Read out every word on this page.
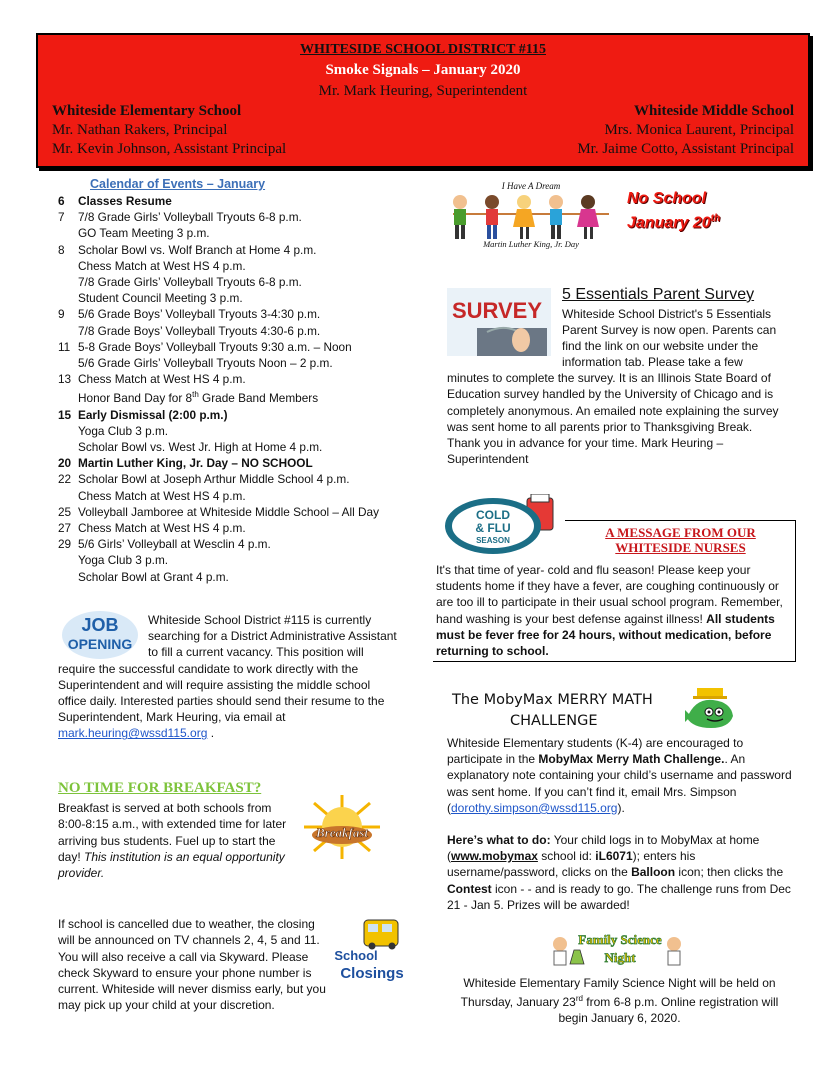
WHITESIDE SCHOOL DISTRICT #115
Smoke Signals – January 2020
Mr. Mark Heuring, Superintendent
Whiteside Elementary School
Mr. Nathan Rakers, Principal
Mr. Kevin Johnson, Assistant Principal
Whiteside Middle School
Mrs. Monica Laurent, Principal
Mr. Jaime Cotto, Assistant Principal
Calendar of Events – January
6	Classes Resume
7	7/8 Grade Girls’ Volleyball Tryouts 6-8 p.m.
GO Team Meeting 3 p.m.
8	Scholar Bowl vs. Wolf Branch at Home 4 p.m.
Chess Match at West HS 4 p.m.
7/8 Grade Girls’ Volleyball Tryouts 6-8 p.m.
Student Council Meeting 3 p.m.
9	5/6 Grade Boys’ Volleyball Tryouts 3-4:30 p.m.
7/8 Grade Boys’ Volleyball Tryouts 4:30-6 p.m.
11 5-8 Grade Boys’ Volleyball Tryouts 9:30 a.m. – Noon
5/6 Grade Girls’ Volleyball Tryouts Noon – 2 p.m.
13 Chess Match at West HS 4 p.m.
Honor Band Day for 8th Grade Band Members
15 Early Dismissal (2:00 p.m.)
Yoga Club 3 p.m.
Scholar Bowl vs. West Jr. High at Home 4 p.m.
20 Martin Luther King, Jr. Day – NO SCHOOL
22 Scholar Bowl at Joseph Arthur Middle School 4 p.m.
Chess Match at West HS 4 p.m.
25 Volleyball Jamboree at Whiteside Middle School – All Day
27 Chess Match at West HS 4 p.m.
29 5/6 Girls’ Volleyball at Wesclin 4 p.m.
Yoga Club 3 p.m.
Scholar Bowl at Grant 4 p.m.
JOB
OPENING
Whiteside School District #115 is currently searching for a District Administrative Assistant to fill a current vacancy. This position will require the successful candidate to work directly with the Superintendent and will require assisting the middle school office daily. Interested parties should send their resume to the Superintendent, Mark Heuring, via email at mark.heuring@wssd115.org .
NO TIME FOR BREAKFAST?
Breakfast is served at both schools from 8:00-8:15 a.m., with extended time for later arriving bus students. Fuel up to start the day! This institution is an equal opportunity provider.
Breakfast
If school is cancelled due to weather, the closing will be announced on TV channels 2, 4, 5 and 11. You will also receive a call via Skyward. Please check Skyward to ensure your phone number is current. Whiteside will never dismiss early, but you may pick up your child at your discretion.
School
Closings
I Have A Dream
Martin Luther King, Jr. Day
No School
January 20th
SURVEY
5 Essentials Parent Survey
Whiteside School District's 5 Essentials Parent Survey is now open. Parents can find the link on our website under the information tab. Please take a few minutes to complete the survey. It is an Illinois State Board of Education survey handled by the University of Chicago and is completely anonymous. An emailed note explaining the survey was sent home to all parents prior to Thanksgiving Break. Thank you in advance for your time. Mark Heuring – Superintendent
COLD
& FLU
SEASON
A MESSAGE FROM OUR
WHITESIDE NURSES
It's that time of year- cold and flu season! Please keep your students home if they have a fever, are coughing continuously or are too ill to participate in their usual school program. Remember, hand washing is your best defense against illness! All students must be fever free for 24 hours, without medication, before returning to school.
The MobyMax MERRY MATH
CHALLENGE

Whiteside Elementary students (K-4) are encouraged to participate in the MobyMax Merry Math Challenge.. An explanatory note containing your child’s username and password was sent home. If you can’t find it, email Mrs. Simpson (dorothy.simpson@wssd115.org).

Here’s what to do: Your child logs in to MobyMax at home (www.mobymax school id: iL6071); enters his username/password, clicks on the Balloon icon; then clicks the Contest icon - - and is ready to go. The challenge runs from Dec 21 - Jan 5. Prizes will be awarded!

Family Science
Night
Whiteside Elementary Family Science Night will be held on Thursday, January 23rd from 6-8 p.m. Online registration will begin January 6, 2020.
